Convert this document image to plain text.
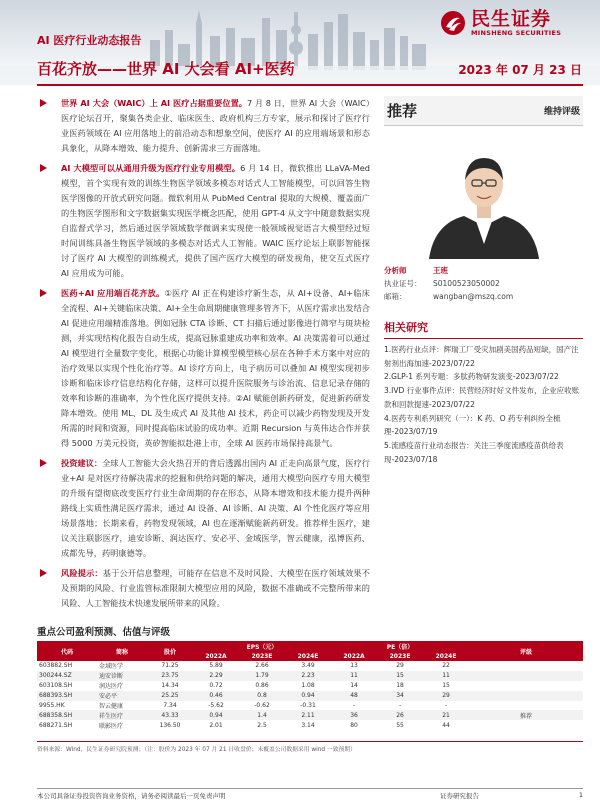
民生证券
MINSHENG SECURITIES
AI 医疗行业动态报告
百花齐放——世界 AI 大会看 AI+医药	2023 年 07 月 23 日
世界 AI 大会（WAIC）上 AI 医疗占据重要位置。7 月 8 日，世界 AI 大会（WAIC）医疗论坛召开，聚集各类企业、临床医生、政府机构三方专家，展示和探讨了医疗行业医药领域在 AI 应用落地上的前沿动态和想象空间，使医疗 AI 的应用端场景和形态具象化，从降本增效、能力提升、创新需求三方面落地。
AI 大模型可以从通用升级为医疗行业专用模型。6 月 14 日，微软推出 LLaVA-Med 模型，首个实现有效的训练生物医学领域多模态对话式人工智能模型，可以回答生物医学图像的开放式研究问题。微软利用从 PubMed Central 提取的大规模、覆盖面广的生物医学图形和文字数据集实现医学概念匹配，使用 GPT-4 从文字中随意数据实现自监督式学习，然后通过医学领域数学微调来实现使一般领域视觉语言大模型经过短时间训练具备生物医学领域的多模态对话式人工智能。WAIC 医疗论坛上联影智能探讨了医疗 AI 大模型的训练模式，提供了国产医疗大模型的研发视角，使交互式医疗 AI 应用成为可能。
医药+AI 应用端百花齐放。①医疗 AI 正在构建诊疗新生态，从 AI+设备、AI+临床全流程、AI+关键临床决策、AI+全生命周期健康管理多管齐下，从医疗需求出发结合 AI 促进应用端精准落地。例如冠脉 CTA 诊断、CT 扫描后通过影像进行筛窄与斑块检测，并实现结构化报告自动生成，提高冠脉重建成功率和效率。AI 决策需着可以通过 AI 模型进行全量数字变化，根据心功能计算模型模型核心层在各种手术方案中对应的治疗效果以实现个性化治疗等。AI 诊疗方向上，电子病历可以叠加 AI 模型实现初步诊断和临床诊疗信息结构化存储，这样可以提升医院服务与诊治流、信息记录存储的效率和诊断的准确率，为个性化医疗提供支持。②AI 赋能创新药研发，促进新药研发降本增效。使用 ML、DL 及生成式 AI 及其他 AI 技术，药企可以减少药物发现及开发所需的时间和资源，同时提高临床试验的成功率。近期 Recursion 与英伟达合作并获得 5000 万美元投资，英矽智能拟赴港上市，全球 AI 医药市场保持高景气。
投资建议：全球人工智能大会火热召开的背后透露出国内 AI 正走向高景气度，医疗行业+AI 是对医疗待解决需求的挖掘和供给问题的解决，通用大模型向医疗专用大模型的升级有望彻底改变医疗行业生命周期的存在形态，从降本增效和技术能力提升两种路线上实质性满足医疗需求，通过 AI 设备、AI 诊断、AI 决策、AI 个性化医疗等应用场景落地；长期来看，药物发现领域，AI 也在逐渐赋能新药研发。推荐样生医疗，建议关注联影医疗，迪安诊断、润达医疗、安必平、金域医学，智云健康，泓博医药、成都先导，药明康德等。
风险提示：基于公开信息整理，可能存在信息不及时风险、大模型在医疗领域效果不及预期的风险、行业监管标准限制大模型应用的风险，数据不准确或不完整所带来的风险、人工智能技术快速发展所带来的风险。
推荐	维持评级
分析师	王班
执业证号：	S0100523050002
邮箱：	wangban@mszq.com
相关研究
1.医药行业点评：辉瑞工厂受灾加剧美国药品短缺，国产注射剂出海加速-2023/07/22
2.GLP-1 系列专题：多肽药物研发演变-2023/07/22
3.IVD 行业事件点评：民营经济时好文件发布，企业应收账款和回款提速-2023/07/22
4.医药专利系列研究（一）：K 药、O 药专利纠纷全梳理-2023/07/19
5.流感疫苗行业动态报告：关注三季度流感疫苗供给表现-2023/07/18
重点公司盈利预测、估值与评级
代码	简称	股价	EPS（元）			PE（倍）			评级
			2022A	2023E	2024E	2022A	2023E	2024E	
603882.SH	金域医学	71.25	5.89	2.66	3.49	13	29	22	
300244.SZ	迪安诊断	23.75	2.29	1.79	2.23	11	15	11	
603108.SH	润达医疗	14.34	0.72	0.86	1.08	14	18	15	
688393.SH	安必平	25.25	0.46	0.8	0.94	48	34	29	
9955.HK	智云健康	7.34	-5.62	-0.62	-0.31	-	-	-	
688358.SH	祥生医疗	43.33	0.94	1.4	2.11	36	26	21	推荐
688271.SH	联影医疗	136.50	2.01	2.5	3.14	80	55	44	
资料来源：Wind，民生证券研究院预测；（注：股价为 2023 年 07 月 21 日收盘价；未覆盖公司数据采用 wind 一致预期）
本公司具备证券投资咨询业务资格，请务必阅读最后一页免责声明	证券研究报告	1
